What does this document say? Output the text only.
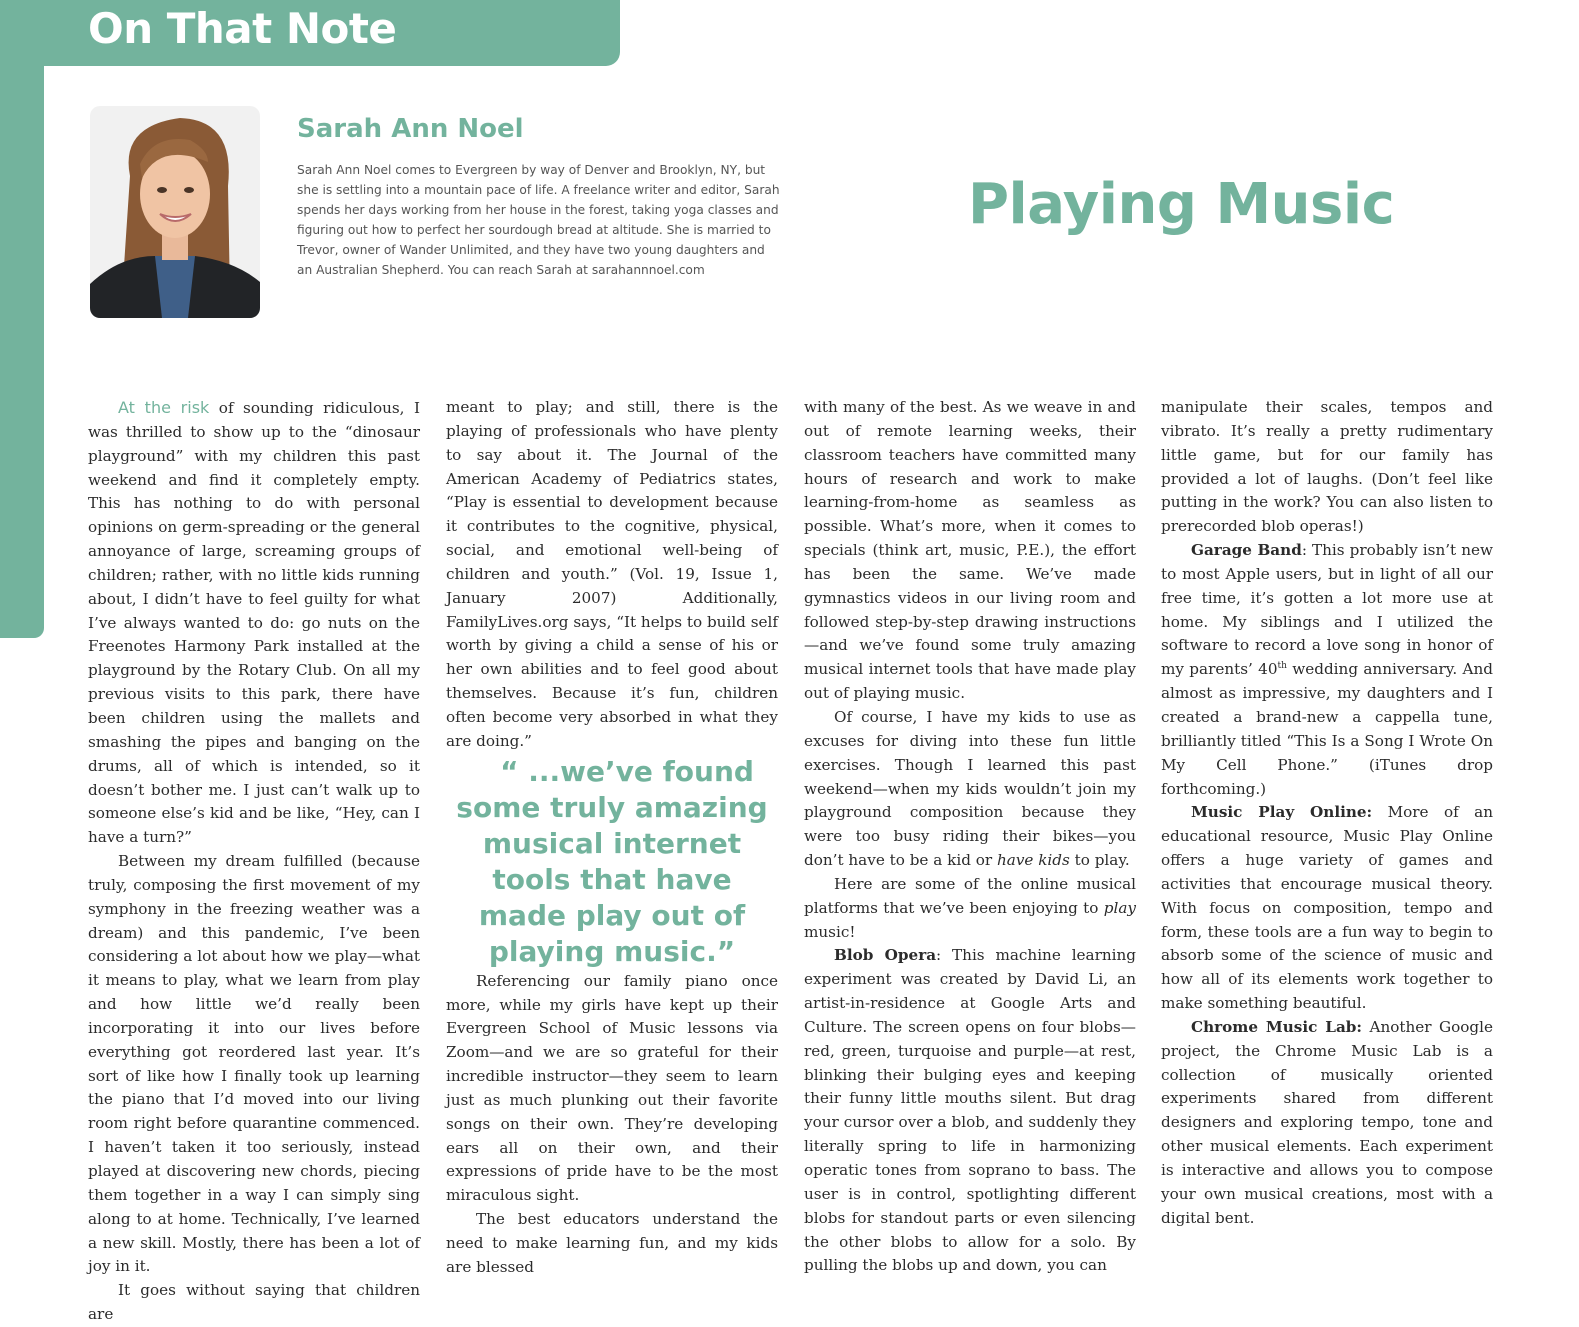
On That Note
Sarah Ann Noel

Sarah Ann Noel comes to Evergreen by way of Denver and Brooklyn, NY, but she is settling into a mountain pace of life. A freelance writer and editor, Sarah spends her days working from her house in the forest, taking yoga classes and figuring out how to perfect her sourdough bread at altitude. She is married to Trevor, owner of Wander Unlimited, and they have two young daughters and an Australian Shepherd. You can reach Sarah at sarahannnoel.com

Playing Music

At the risk of sounding ridiculous, I was thrilled to show up to the “dinosaur playground” with my children this past weekend and find it completely empty. This has nothing to do with personal opinions on germ-spreading or the general annoyance of large, screaming groups of children; rather, with no little kids running about, I didn’t have to feel guilty for what I’ve always wanted to do: go nuts on the Freenotes Harmony Park installed at the playground by the Rotary Club. On all my previous visits to this park, there have been children using the mallets and smashing the pipes and banging on the drums, all of which is intended, so it doesn’t bother me. I just can’t walk up to someone else’s kid and be like, “Hey, can I have a turn?”

Between my dream fulfilled (because truly, composing the first movement of my symphony in the freezing weather was a dream) and this pandemic, I’ve been considering a lot about how we play—what it means to play, what we learn from play and how little we’d really been incorporating it into our lives before everything got reordered last year. It’s sort of like how I finally took up learning the piano that I’d moved into our living room right before quarantine commenced. I haven’t taken it too seriously, instead played at discovering new chords, piecing them together in a way I can simply sing along to at home. Technically, I’ve learned a new skill. Mostly, there has been a lot of joy in it.

It goes without saying that children are

meant to play; and still, there is the playing of professionals who have plenty to say about it. The Journal of the American Academy of Pediatrics states, “Play is essential to development because it contributes to the cognitive, physical, social, and emotional well-being of children and youth.” (Vol. 19, Issue 1, January 2007) Additionally, FamilyLives.org says, “It helps to build self worth by giving a child a sense of his or her own abilities and to feel good about themselves. Because it’s fun, children often become very absorbed in what they are doing.”

“ ...we’ve found some truly amazing musical internet tools that have made play out of playing music.”

Referencing our family piano once more, while my girls have kept up their Evergreen School of Music lessons via Zoom—and we are so grateful for their incredible instructor—they seem to learn just as much plunking out their favorite songs on their own. They’re developing ears all on their own, and their expressions of pride have to be the most miraculous sight.

The best educators understand the need to make learning fun, and my kids are blessed

with many of the best. As we weave in and out of remote learning weeks, their classroom teachers have committed many hours of research and work to make learning-from-home as seamless as possible. What’s more, when it comes to specials (think art, music, P.E.), the effort has been the same. We’ve made gymnastics videos in our living room and followed step-by-step drawing instructions—and we’ve found some truly amazing musical internet tools that have made play out of playing music.

Of course, I have my kids to use as excuses for diving into these fun little exercises. Though I learned this past weekend—when my kids wouldn’t join my playground composition because they were too busy riding their bikes—you don’t have to be a kid or have kids to play.

Here are some of the online musical platforms that we’ve been enjoying to play music!

Blob Opera: This machine learning experiment was created by David Li, an artist-in-residence at Google Arts and Culture. The screen opens on four blobs—red, green, turquoise and purple—at rest, blinking their bulging eyes and keeping their funny little mouths silent. But drag your cursor over a blob, and suddenly they literally spring to life in harmonizing operatic tones from soprano to bass. The user is in control, spotlighting different blobs for standout parts or even silencing the other blobs to allow for a solo. By pulling the blobs up and down, you can

manipulate their scales, tempos and vibrato. It’s really a pretty rudimentary little game, but for our family has provided a lot of laughs. (Don’t feel like putting in the work? You can also listen to prerecorded blob operas!)

Garage Band: This probably isn’t new to most Apple users, but in light of all our free time, it’s gotten a lot more use at home. My siblings and I utilized the software to record a love song in honor of my parents’ 40th wedding anniversary. And almost as impressive, my daughters and I created a brand-new a cappella tune, brilliantly titled “This Is a Song I Wrote On My Cell Phone.” (iTunes drop forthcoming.)

Music Play Online: More of an educational resource, Music Play Online offers a huge variety of games and activities that encourage musical theory. With focus on composition, tempo and form, these tools are a fun way to begin to absorb some of the science of music and how all of its elements work together to make something beautiful.

Chrome Music Lab: Another Google project, the Chrome Music Lab is a collection of musically oriented experiments shared from different designers and exploring tempo, tone and other musical elements. Each experiment is interactive and allows you to compose your own musical creations, most with a digital bent.
